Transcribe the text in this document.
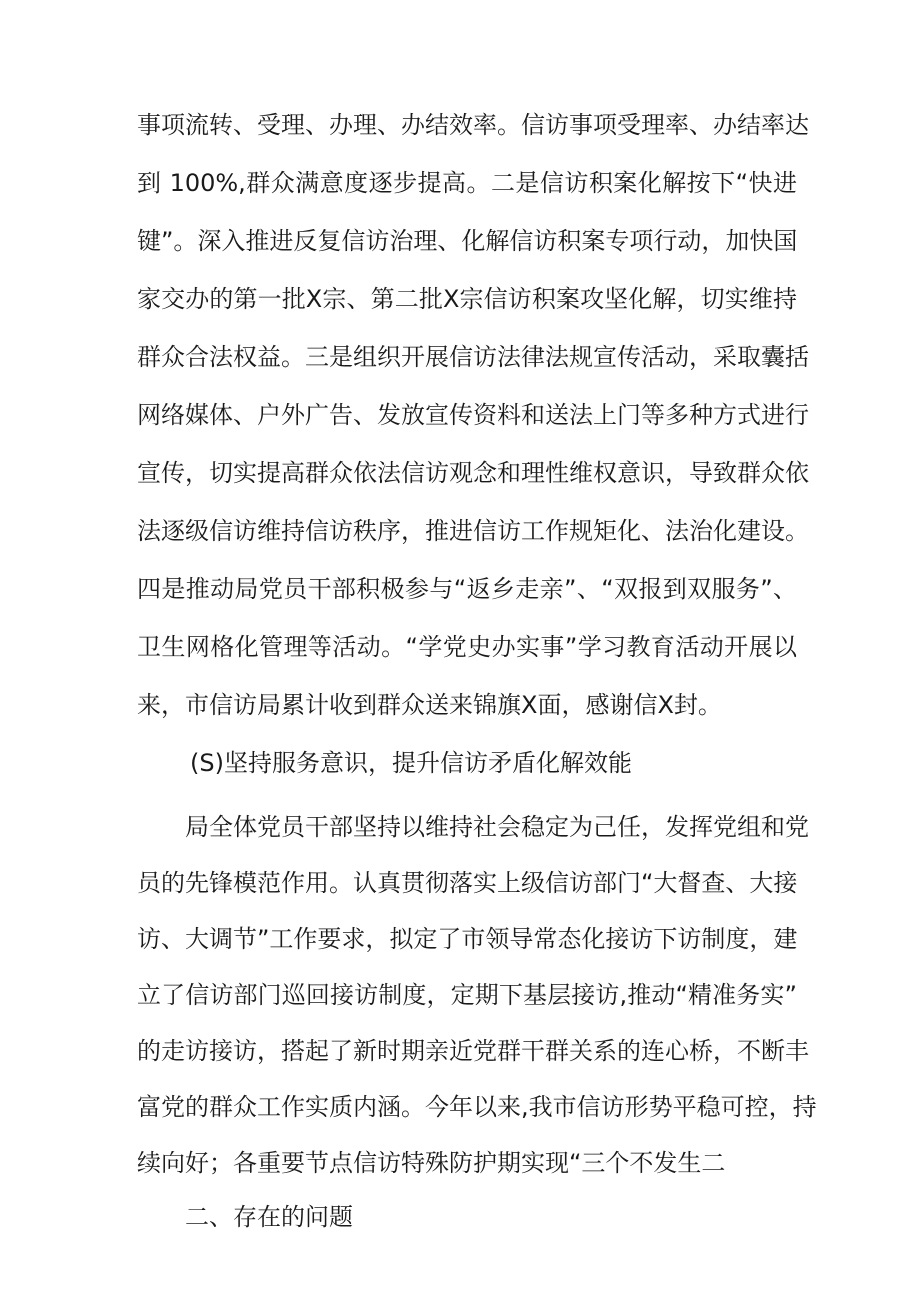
事项流转、受理、办理、办结效率。信访事项受理率、办结率达
到 100%,群众满意度逐步提高。二是信访积案化解按下“快进
键”。深入推进反复信访治理、化解信访积案专项行动，加快国
家交办的第一批X宗、第二批X宗信访积案攻坚化解，切实维持
群众合法权益。三是组织开展信访法律法规宣传活动，采取囊括
网络媒体、户外广告、发放宣传资料和送法上门等多种方式进行
宣传，切实提高群众依法信访观念和理性维权意识，导致群众依
法逐级信访维持信访秩序，推进信访工作规矩化、法治化建设。
四是推动局党员干部积极参与“返乡走亲”、“双报到双服务”、
卫生网格化管理等活动。“学党史办实事”学习教育活动开展以
来，市信访局累计收到群众送来锦旗X面，感谢信X封。
(S)坚持服务意识，提升信访矛盾化解效能
局全体党员干部坚持以维持社会稳定为己任，发挥党组和党
员的先锋模范作用。认真贯彻落实上级信访部门“大督查、大接
访、大调节”工作要求，拟定了市领导常态化接访下访制度，建
立了信访部门巡回接访制度，定期下基层接访,推动“精准务实”
的走访接访，搭起了新时期亲近党群干群关系的连心桥，不断丰
富党的群众工作实质内涵。今年以来,我市信访形势平稳可控，持
续向好；各重要节点信访特殊防护期实现“三个不发生二
二、存在的问题
